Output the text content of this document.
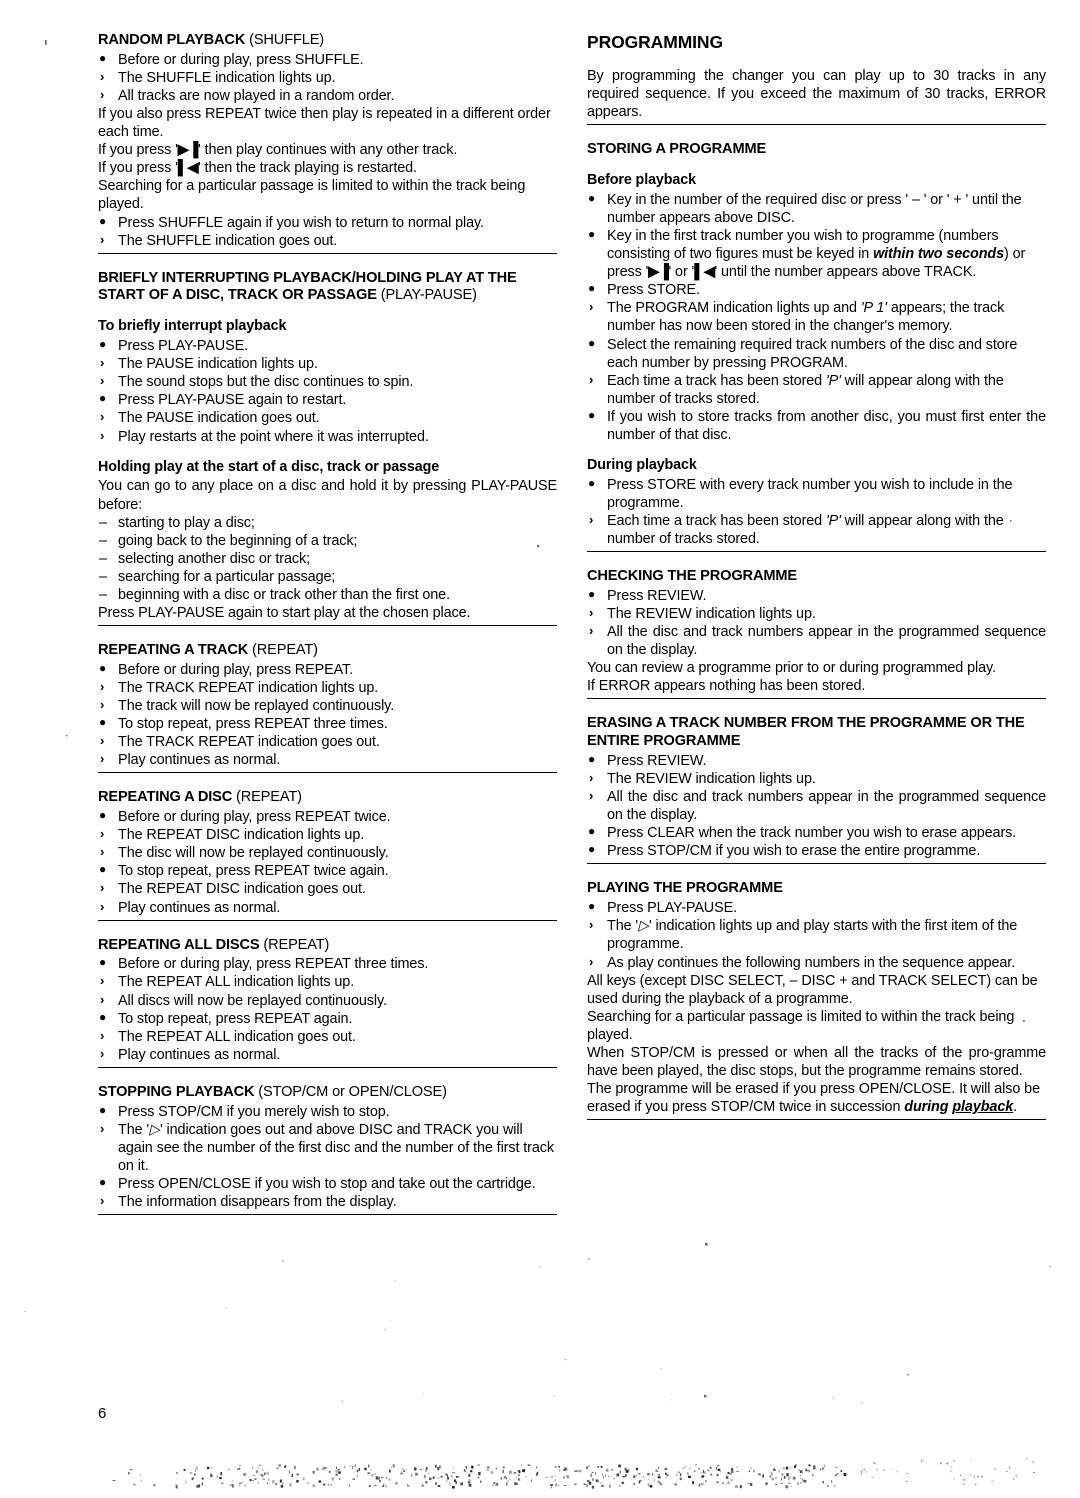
RANDOM PLAYBACK (SHUFFLE)
● Before or during play, press SHUFFLE.
› The SHUFFLE indication lights up.
› All tracks are now played in a random order.
If you also press REPEAT twice then play is repeated in a different order each time.
If you press '▶▐' then play continues with any other track.
If you press '▌◀' then the track playing is restarted.
Searching for a particular passage is limited to within the track being played.
● Press SHUFFLE again if you wish to return to normal play.
› The SHUFFLE indication goes out.
BRIEFLY INTERRUPTING PLAYBACK/HOLDING PLAY AT THE START OF A DISC, TRACK OR PASSAGE (PLAY-PAUSE)
To briefly interrupt playback
● Press PLAY-PAUSE.
› The PAUSE indication lights up.
› The sound stops but the disc continues to spin.
● Press PLAY-PAUSE again to restart.
› The PAUSE indication goes out.
› Play restarts at the point where it was interrupted.
Holding play at the start of a disc, track or passage
You can go to any place on a disc and hold it by pressing PLAY-PAUSE before:
– starting to play a disc;
– going back to the beginning of a track;
– selecting another disc or track;
– searching for a particular passage;
– beginning with a disc or track other than the first one.
Press PLAY-PAUSE again to start play at the chosen place.
REPEATING A TRACK (REPEAT)
● Before or during play, press REPEAT.
› The TRACK REPEAT indication lights up.
› The track will now be replayed continuously.
● To stop repeat, press REPEAT three times.
› The TRACK REPEAT indication goes out.
› Play continues as normal.
REPEATING A DISC (REPEAT)
● Before or during play, press REPEAT twice.
› The REPEAT DISC indication lights up.
› The disc will now be replayed continuously.
● To stop repeat, press REPEAT twice again.
› The REPEAT DISC indication goes out.
› Play continues as normal.
REPEATING ALL DISCS (REPEAT)
● Before or during play, press REPEAT three times.
› The REPEAT ALL indication lights up.
› All discs will now be replayed continuously.
● To stop repeat, press REPEAT again.
› The REPEAT ALL indication goes out.
› Play continues as normal.
STOPPING PLAYBACK (STOP/CM or OPEN/CLOSE)
● Press STOP/CM if you merely wish to stop.
› The '▷' indication goes out and above DISC and TRACK you will again see the number of the first disc and the number of the first track on it.
● Press OPEN/CLOSE if you wish to stop and take out the cartridge.
› The information disappears from the display.
PROGRAMMING

By programming the changer you can play up to 30 tracks in any required sequence. If you exceed the maximum of 30 tracks, ERROR appears.

STORING A PROGRAMME
Before playback
● Key in the number of the required disc or press ' – ' or ' + ' until the number appears above DISC.
● Key in the first track number you wish to programme (numbers consisting of two figures must be keyed in within two seconds) or press '▶▐' or '▌◀' until the number appears above TRACK.
● Press STORE.
› The PROGRAM indication lights up and 'P 1' appears; the track number has now been stored in the changer's memory.
● Select the remaining required track numbers of the disc and store each number by pressing PROGRAM.
› Each time a track has been stored 'P' will appear along with the number of tracks stored.
● If you wish to store tracks from another disc, you must first enter the number of that disc.
During playback
● Press STORE with every track number you wish to include in the programme.
› Each time a track has been stored 'P' will appear along with the number of tracks stored.
CHECKING THE PROGRAMME
● Press REVIEW.
› The REVIEW indication lights up.
› All the disc and track numbers appear in the programmed sequence on the display.
You can review a programme prior to or during programmed play.
If ERROR appears nothing has been stored.
ERASING A TRACK NUMBER FROM THE PROGRAMME OR THE ENTIRE PROGRAMME
● Press REVIEW.
› The REVIEW indication lights up.
› All the disc and track numbers appear in the programmed sequence on the display.
● Press CLEAR when the track number you wish to erase appears.
● Press STOP/CM if you wish to erase the entire programme.
PLAYING THE PROGRAMME
● Press PLAY-PAUSE.
› The '▷' indication lights up and play starts with the first item of the programme.
› As play continues the following numbers in the sequence appear.
All keys (except DISC SELECT, – DISC + and TRACK SELECT) can be used during the playback of a programme.
Searching for a particular passage is limited to within the track being played.
When STOP/CM is pressed or when all the tracks of the pro-gramme have been played, the disc stops, but the programme remains stored.
The programme will be erased if you press OPEN/CLOSE. It will also be erased if you press STOP/CM twice in succession during playback.
6
